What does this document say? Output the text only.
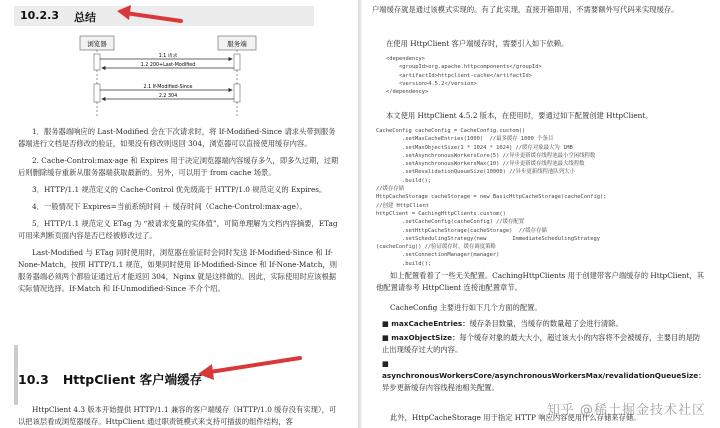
10.2.3 总结
浏览器	服务端
1.1 请求
1.2 200+Last-Modified
2.1 If-Modified-Since
2.2 304

1．服务器端响应的 Last-Modified 会在下次请求时，将 If-Modified-Since 请求头带到服务器端进行文档是否修改的验证，如果没有修改则返回 304，浏览器可以直接使用缓存内容。

2. Cache-Control:max-age 和 Expires 用于决定浏览器端内容缓存多久，即多久过期，过期后则删除缓存重新从服务器端获取最新的。另外，可以用于 from cache 场景。

3．HTTP/1.1 规范定义的 Cache-Control 优先级高于 HTTP/1.0 规范定义的 Expires。

4．一般情况下 Expires=当前系统时间 ＋ 缓存时间（Cache-Control:max-age）。

5．HTTP/1.1 规范定义 ETag 为 “被请求变量的实体值”，可简单理解为文档内容摘要，ETag 可用来判断页面内容是否已经被修改过了。

Last-Modified 与 ETag 同时使用时，浏览器在验证时会同时发送 If-Modified-Since 和 If-None-Match，按照 HTTP/1.1 规范，如果同时使用 If-Modified-Since 和 If-None-Match，则服务器端必须两个都验证通过后才能返回 304，Nginx 就是这样做的。因此，实际使用时应该根据实际情况选择。If-Match 和 If-Unmodified-Since 不介个绍。

10.3 HttpClient 客户端缓存

HttpClient 4.3 版本开始提供 HTTP/1.1 兼容的客户端缓存（HTTP/1.0 缓存没有实现），可以把该层看成浏览器缓存。HttpClient 通过职责链模式来支持可插拔的组件结构，客

户端缓存就是通过该模式实现的。有了此实现，直接开箱即用，不需要额外写代码来实现缓存。

在使用 HttpClient 客户端缓存时，需要引入如下依赖。

<dependency>
<groupId>org.apache.httpcomponents</groupId>
<artifactId>httpclient-cache</artifactId>
<version>4.5.2</version>
</dependency>

本文使用 HttpClient 4.5.2 版本，在使用时，要通过如下配置创建 HttpClient。

CacheConfig cacheConfig = CacheConfig.custom()
.setMaxCacheEntries(1000)  //最多缓存 1000 个条目
.setMaxObjectSize(1 * 1024 * 1024) //缓存对象最大为 1MB
.setAsynchronousWorkersCore(5) //异步更新缓存线程池最小空闲线程数
.setAsynchronousWorkersMax(10) //异步更新缓存线程池最大线程数
.setRevalidationQueueSize(10000) //异步更新线程池队列大小
.build();
//缓存存储
HttpCacheStorage cacheStorage = new BasicHttpCacheStorage(cacheConfig);
//创建 HttpClient
httpClient = CachingHttpClients.custom()
.setCacheConfig(cacheConfig) //缓存配置
.setHttpCacheStorage(cacheStorage)  //缓存存储
.setSchedulingStrategy(new        ImmediateSchedulingStrategy
(cacheConfig)) //验证缓存时，缓存调度策略
.setConnectionManager(manager)
.build();

如上配置看着了一些无关配置。CachingHttpClients 用于创建带客户端缓存的 HttpClient，其他配置请参考 HttpClient 连接池配置章节。

CacheConfig 主要进行如下几个方面的配置。

■ maxCacheEntries：缓存条目数量，当缓存的数量超了会进行清除。
■ maxObjectSize：每个缓存对象的最大大小，超过该大小的内容将不会被缓存，主要目的是防止出现缓存过大的内容。
■ asynchronousWorkersCore/asynchronousWorkersMax/revalidationQueueSize：异步更新缓存内容线程池相关配置。

此外，HttpCacheStorage 用于指定 HTTP 响应内容使用什么存储来存储。

知乎 @稀土掘金技术社区
